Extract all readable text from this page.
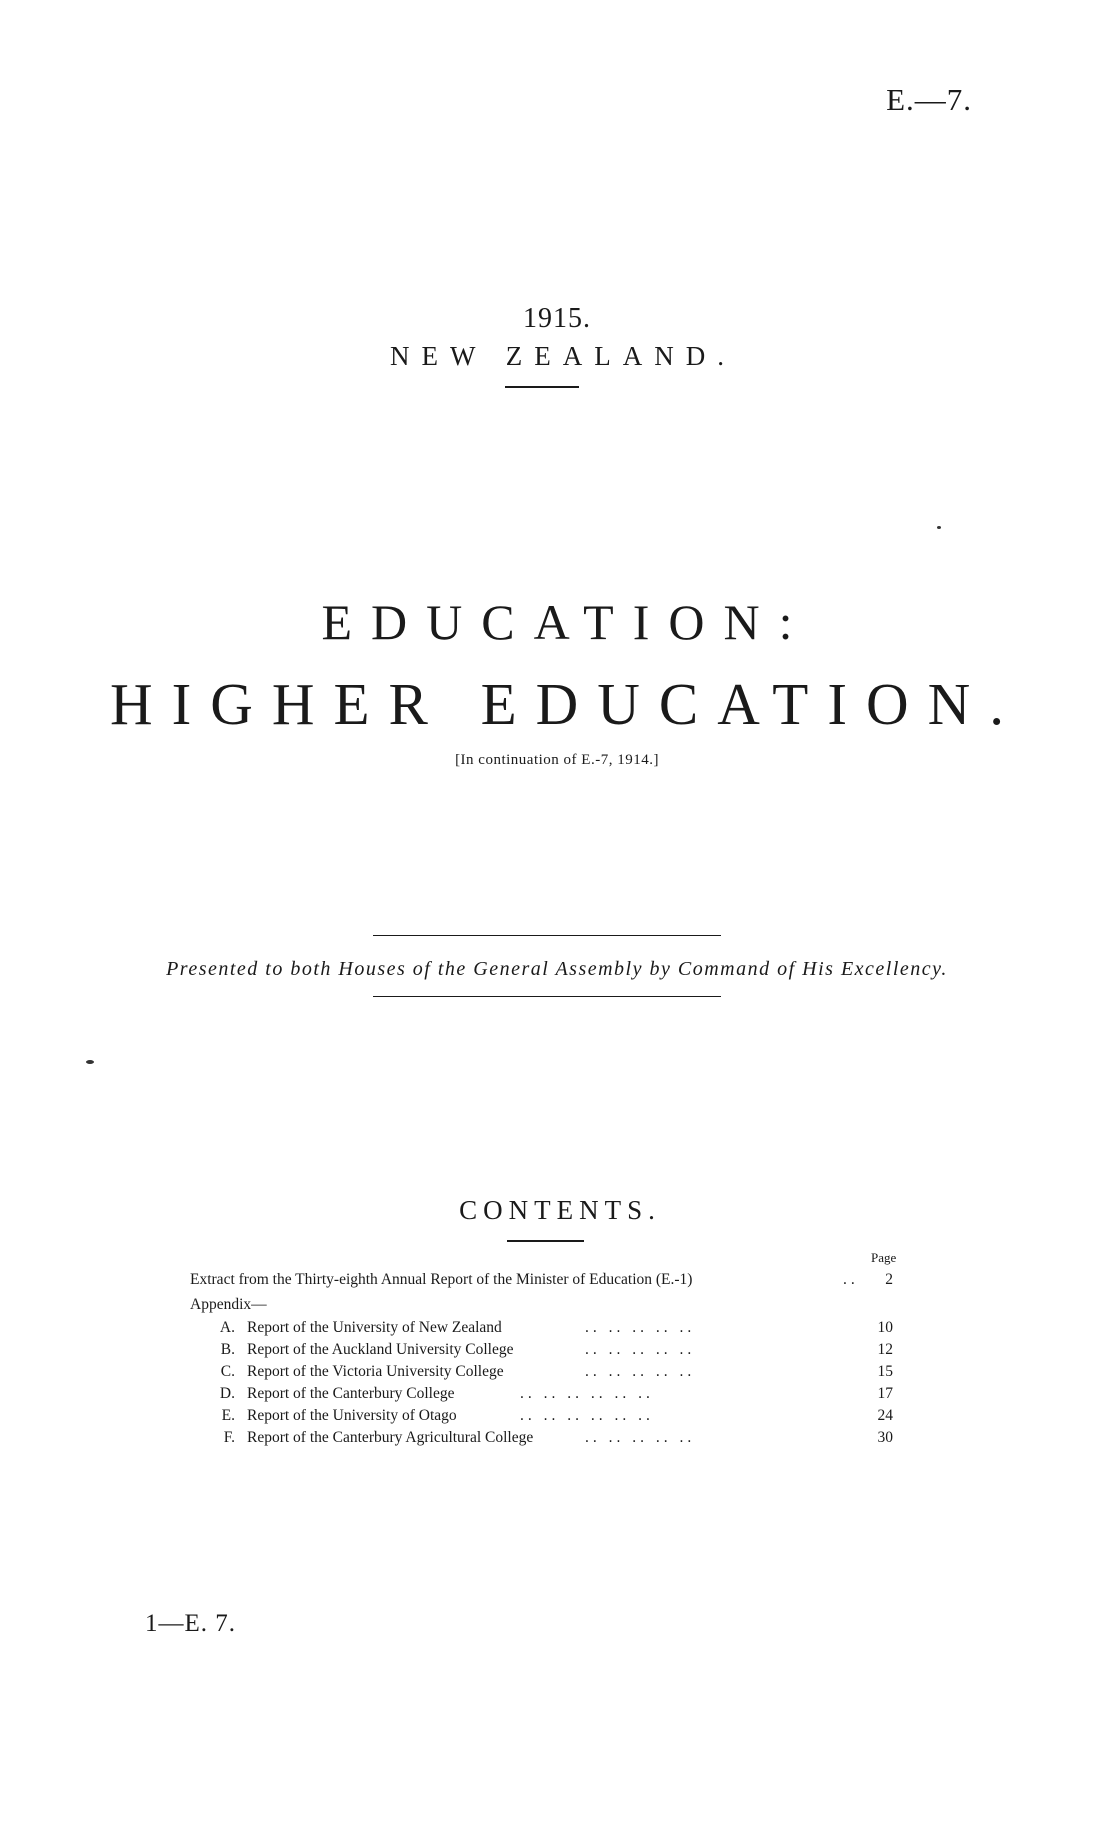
E.—7.
1915.
NEW ZEALAND.
EDUCATION:
HIGHER EDUCATION.
[In continuation of E.-7, 1914.]
Presented to both Houses of the General Assembly by Command of His Excellency.
CONTENTS.
Page
Extract from the Thirty-eighth Annual Report of the Minister of Education (E.-1)	..	2
Appendix—
A. Report of the University of New Zealand	.. .. .. .. ..	10
B. Report of the Auckland University College	.. .. .. .. ..	12
C. Report of the Victoria University College	.. .. .. .. ..	15
D. Report of the Canterbury College	.. .. .. .. .. ..	17
E. Report of the University of Otago	.. .. .. .. .. ..	24
F. Report of the Canterbury Agricultural College	.. .. .. .. ..	30
1—E. 7.
